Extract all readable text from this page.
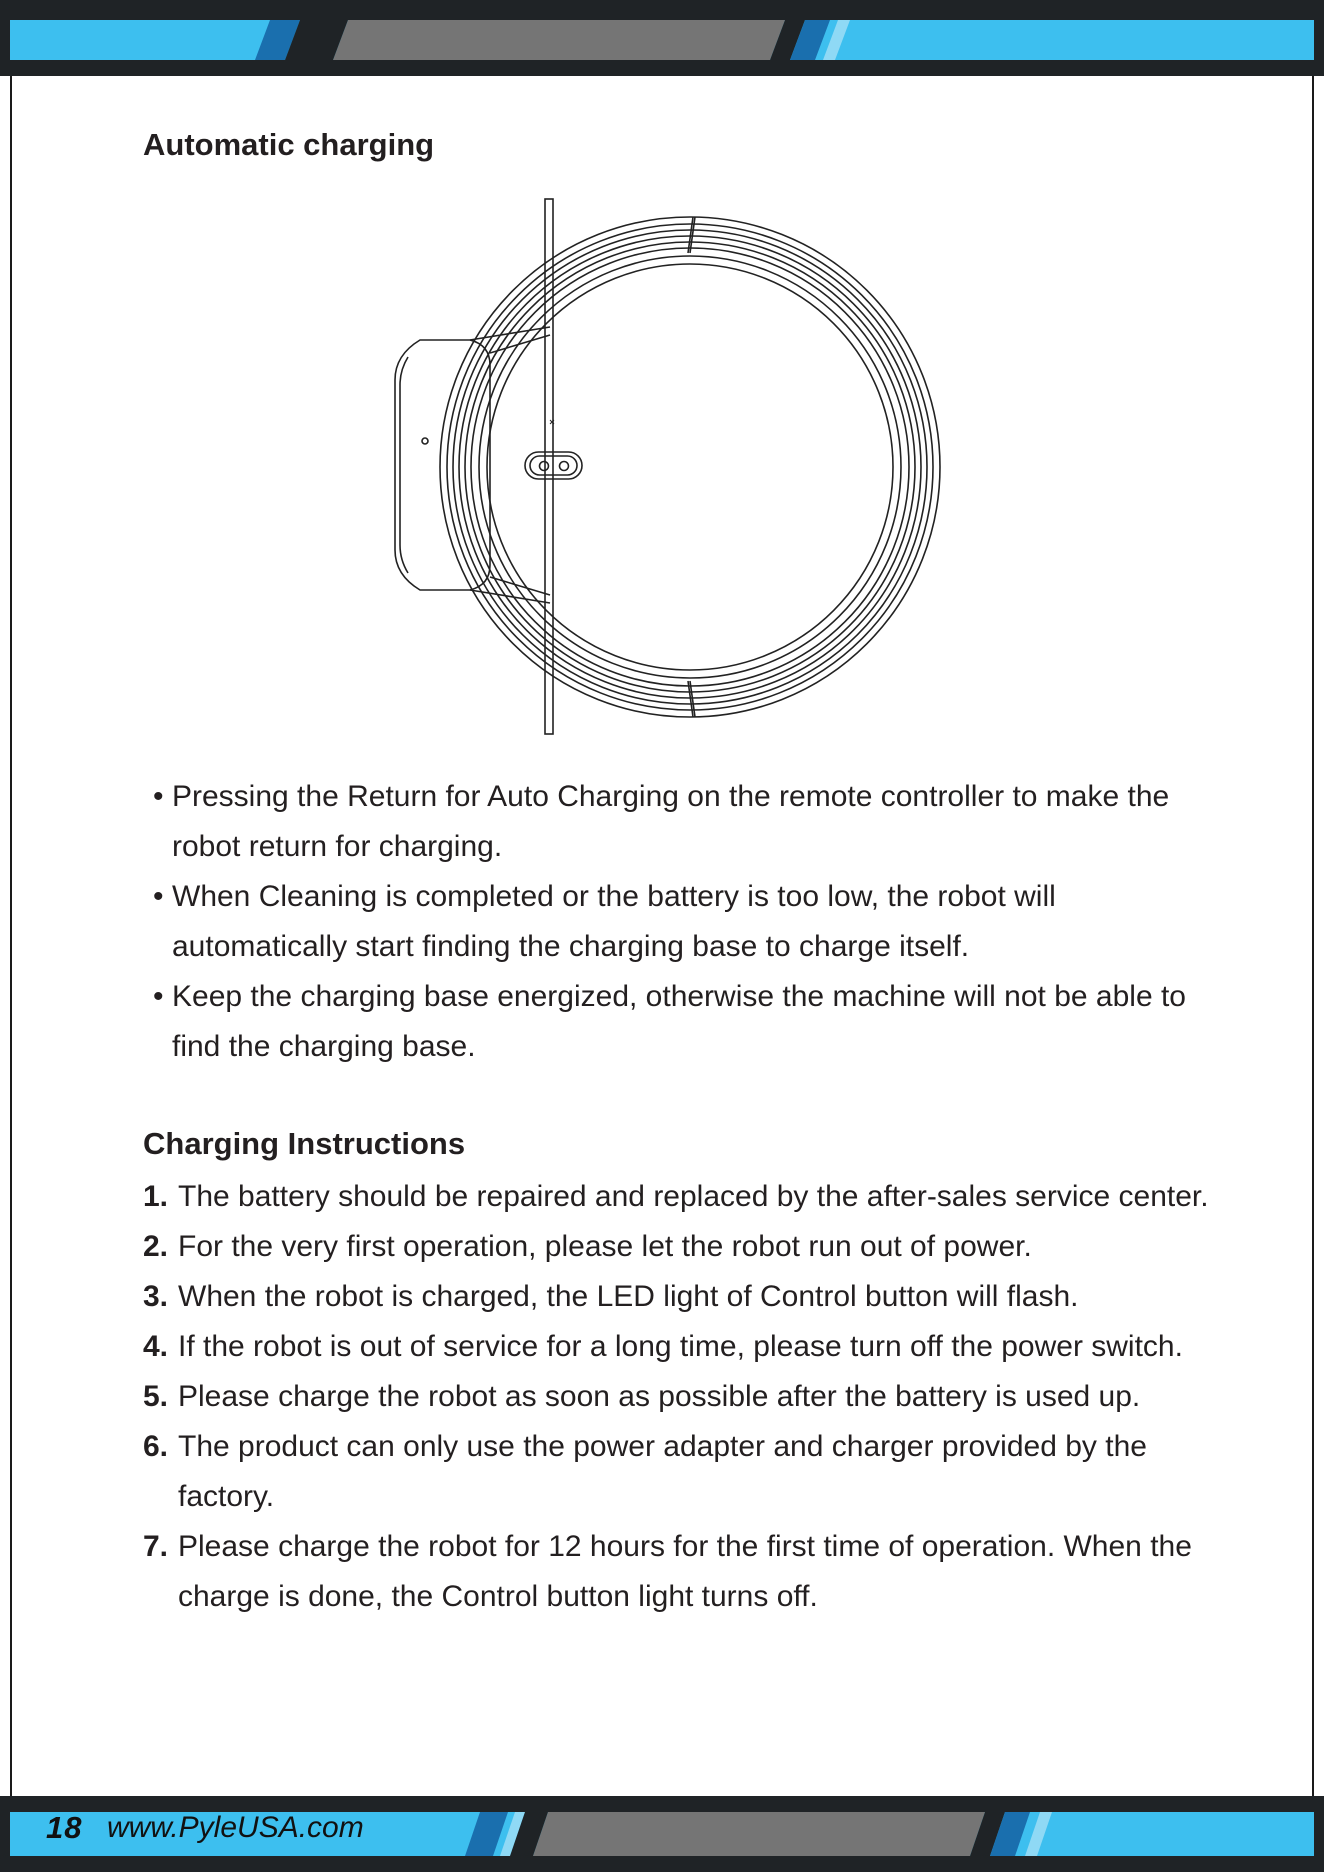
Automatic charging
• Pressing the Return for Auto Charging on the remote controller to make the robot return for charging.
• When Cleaning is completed or the battery is too low, the robot will automatically start finding the charging base to charge itself.
• Keep the charging base energized, otherwise the machine will not be able to find the charging base.
Charging Instructions
1. The battery should be repaired and replaced by the after-sales service center.
2. For the very first operation, please let the robot run out of power.
3. When the robot is charged, the LED light of Control button will flash.
4. If the robot is out of service for a long time, please turn off the power switch.
5. Please charge the robot as soon as possible after the battery is used up.
6. The product can only use the power adapter and charger provided by the factory.
7. Please charge the robot for 12 hours for the first time of operation. When the charge is done, the Control button light turns off.
18 www.PyleUSA.com
